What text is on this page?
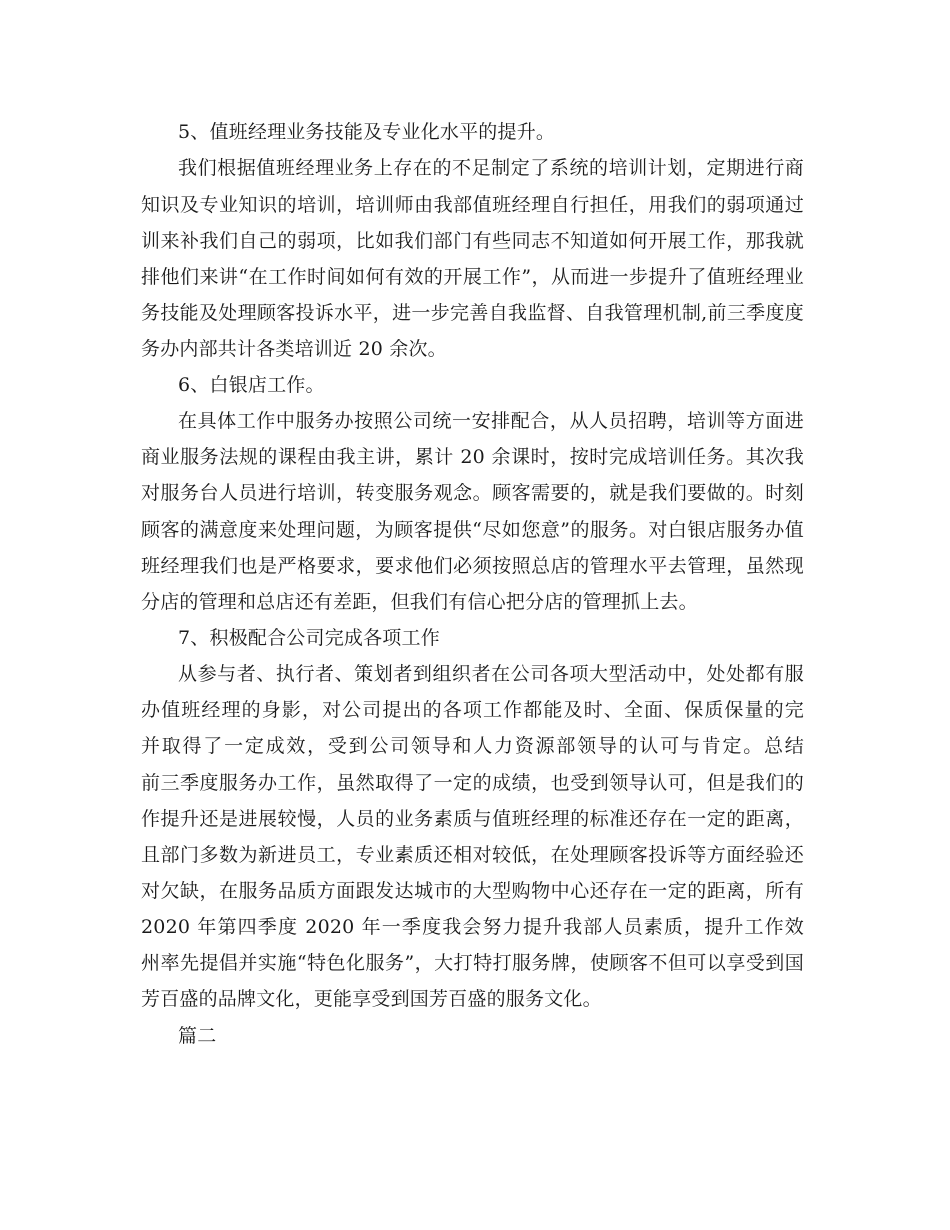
5、值班经理业务技能及专业化水平的提升。
我们根据值班经理业务上存在的不足制定了系统的培训计划，定期进行商
知识及专业知识的培训，培训师由我部值班经理自行担任，用我们的弱项通过
训来补我们自己的弱项，比如我们部门有些同志不知道如何开展工作，那我就
排他们来讲“在工作时间如何有效的开展工作”，从而进一步提升了值班经理业
务技能及处理顾客投诉水平，进一步完善自我监督、自我管理机制,前三季度度
务办内部共计各类培训近 20 余次。
6、白银店工作。
在具体工作中服务办按照公司统一安排配合，从人员招聘，培训等方面进
商业服务法规的课程由我主讲，累计 20 余课时，按时完成培训任务。其次我
对服务台人员进行培训，转变服务观念。顾客需要的，就是我们要做的。时刻
顾客的满意度来处理问题，为顾客提供“尽如您意”的服务。对白银店服务办值
班经理我们也是严格要求，要求他们必须按照总店的管理水平去管理，虽然现
分店的管理和总店还有差距，但我们有信心把分店的管理抓上去。
7、积极配合公司完成各项工作
从参与者、执行者、策划者到组织者在公司各项大型活动中，处处都有服
办值班经理的身影，对公司提出的各项工作都能及时、全面、保质保量的完
并取得了一定成效，受到公司领导和人力资源部领导的认可与肯定。总结
前三季度服务办工作，虽然取得了一定的成绩，也受到领导认可，但是我们的
作提升还是进展较慢，人员的业务素质与值班经理的标准还存在一定的距离，
且部门多数为新进员工，专业素质还相对较低，在处理顾客投诉等方面经验还
对欠缺，在服务品质方面跟发达城市的大型购物中心还存在一定的距离，所有
2020 年第四季度 2020 年一季度我会努力提升我部人员素质，提升工作效
州率先提倡并实施“特色化服务”，大打特打服务牌，使顾客不但可以享受到国
芳百盛的品牌文化，更能享受到国芳百盛的服务文化。
篇二
